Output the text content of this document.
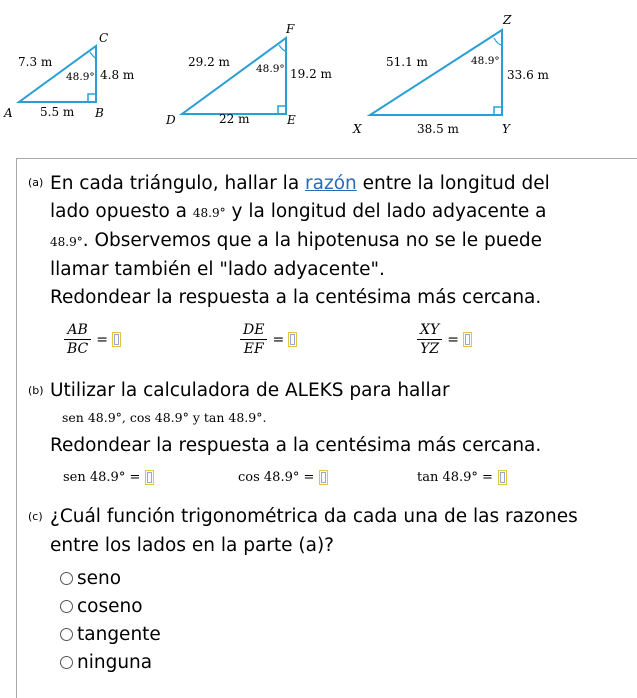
C
A	B
7.3 m
5.5 m
4.8 m
48.9°
F
D	E
29.2 m
22 m
19.2 m
48.9°
Z
X	Y
51.1 m
38.5 m
33.6 m
48.9°
(a) En cada triángulo, hallar la razón entre la longitud del
lado opuesto a 48.9° y la longitud del lado adyacente a
48.9°. Observemos que a la hipotenusa no se le puede
llamar también el "lado adyacente".
Redondear la respuesta a la centésima más cercana.
$\frac{AB}{BC}$ =	$\frac{DE}{EF}$ =	$\frac{XY}{YZ}$ =
(b) Utilizar la calculadora de ALEKS para hallar
sen 48.9°, cos 48.9° y tan 48.9°.
Redondear la respuesta a la centésima más cercana.
sen 48.9° =	cos 48.9° =	tan 48.9° =
(c) ¿Cuál función trigonométrica da cada una de las razones
entre los lados en la parte (a)?
seno
coseno
tangente
ninguna
